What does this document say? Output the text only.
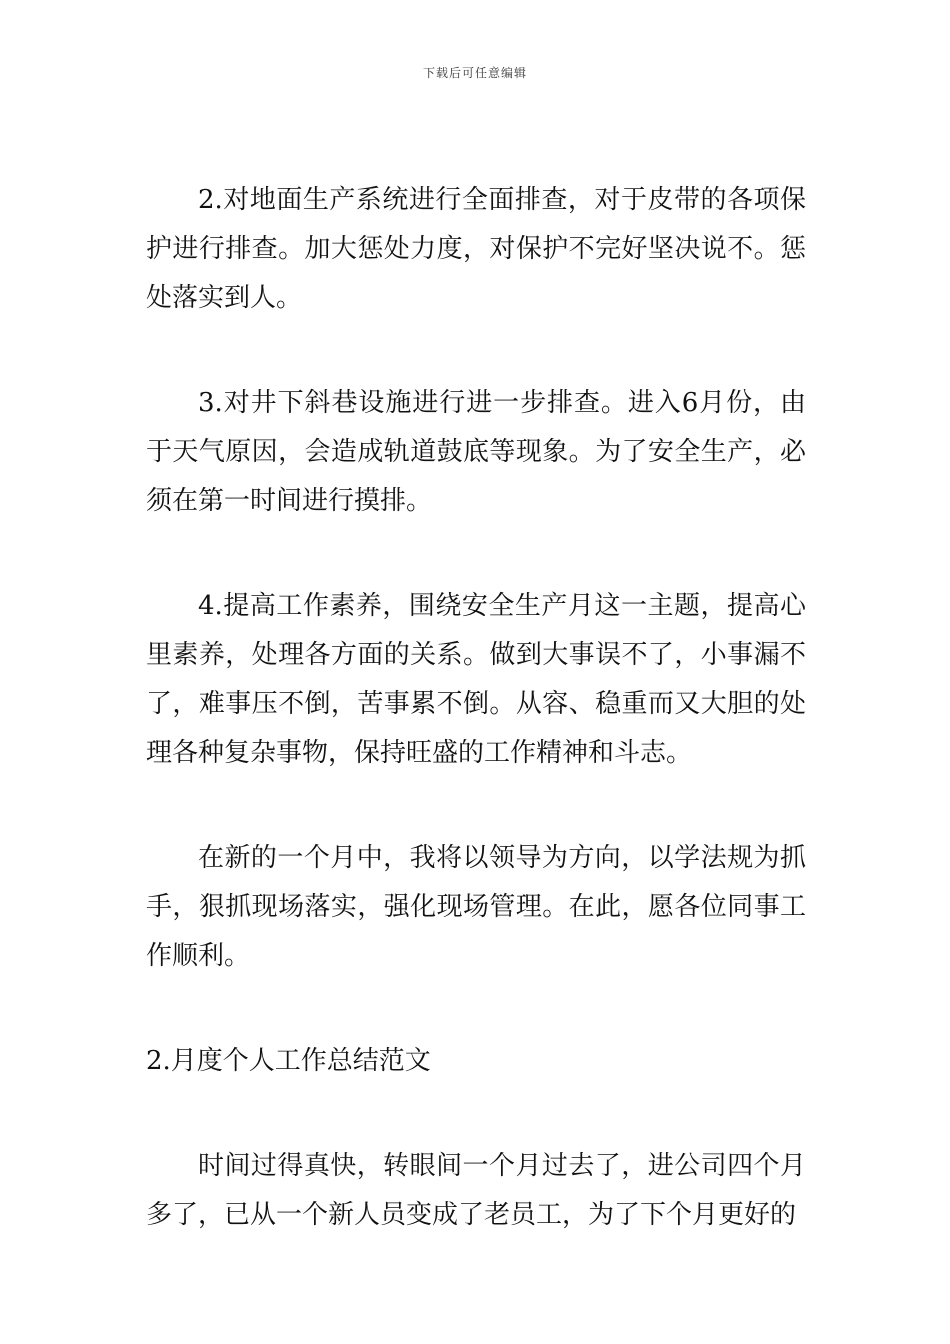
下载后可任意编辑

2.对地面生产系统进行全面排查，对于皮带的各项保护进行排查。加大惩处力度，对保护不完好坚决说不。惩处落实到人。

3.对井下斜巷设施进行进一步排查。进入6月份，由于天气原因，会造成轨道鼓底等现象。为了安全生产，必须在第一时间进行摸排。

4.提高工作素养，围绕安全生产月这一主题，提高心里素养，处理各方面的关系。做到大事误不了，小事漏不了，难事压不倒，苦事累不倒。从容、稳重而又大胆的处理各种复杂事物，保持旺盛的工作精神和斗志。

在新的一个月中，我将以领导为方向，以学法规为抓手，狠抓现场落实，强化现场管理。在此，愿各位同事工作顺利。

2.月度个人工作总结范文

时间过得真快，转眼间一个月过去了，进公司四个月多了，已从一个新人员变成了老员工，为了下个月更好的
